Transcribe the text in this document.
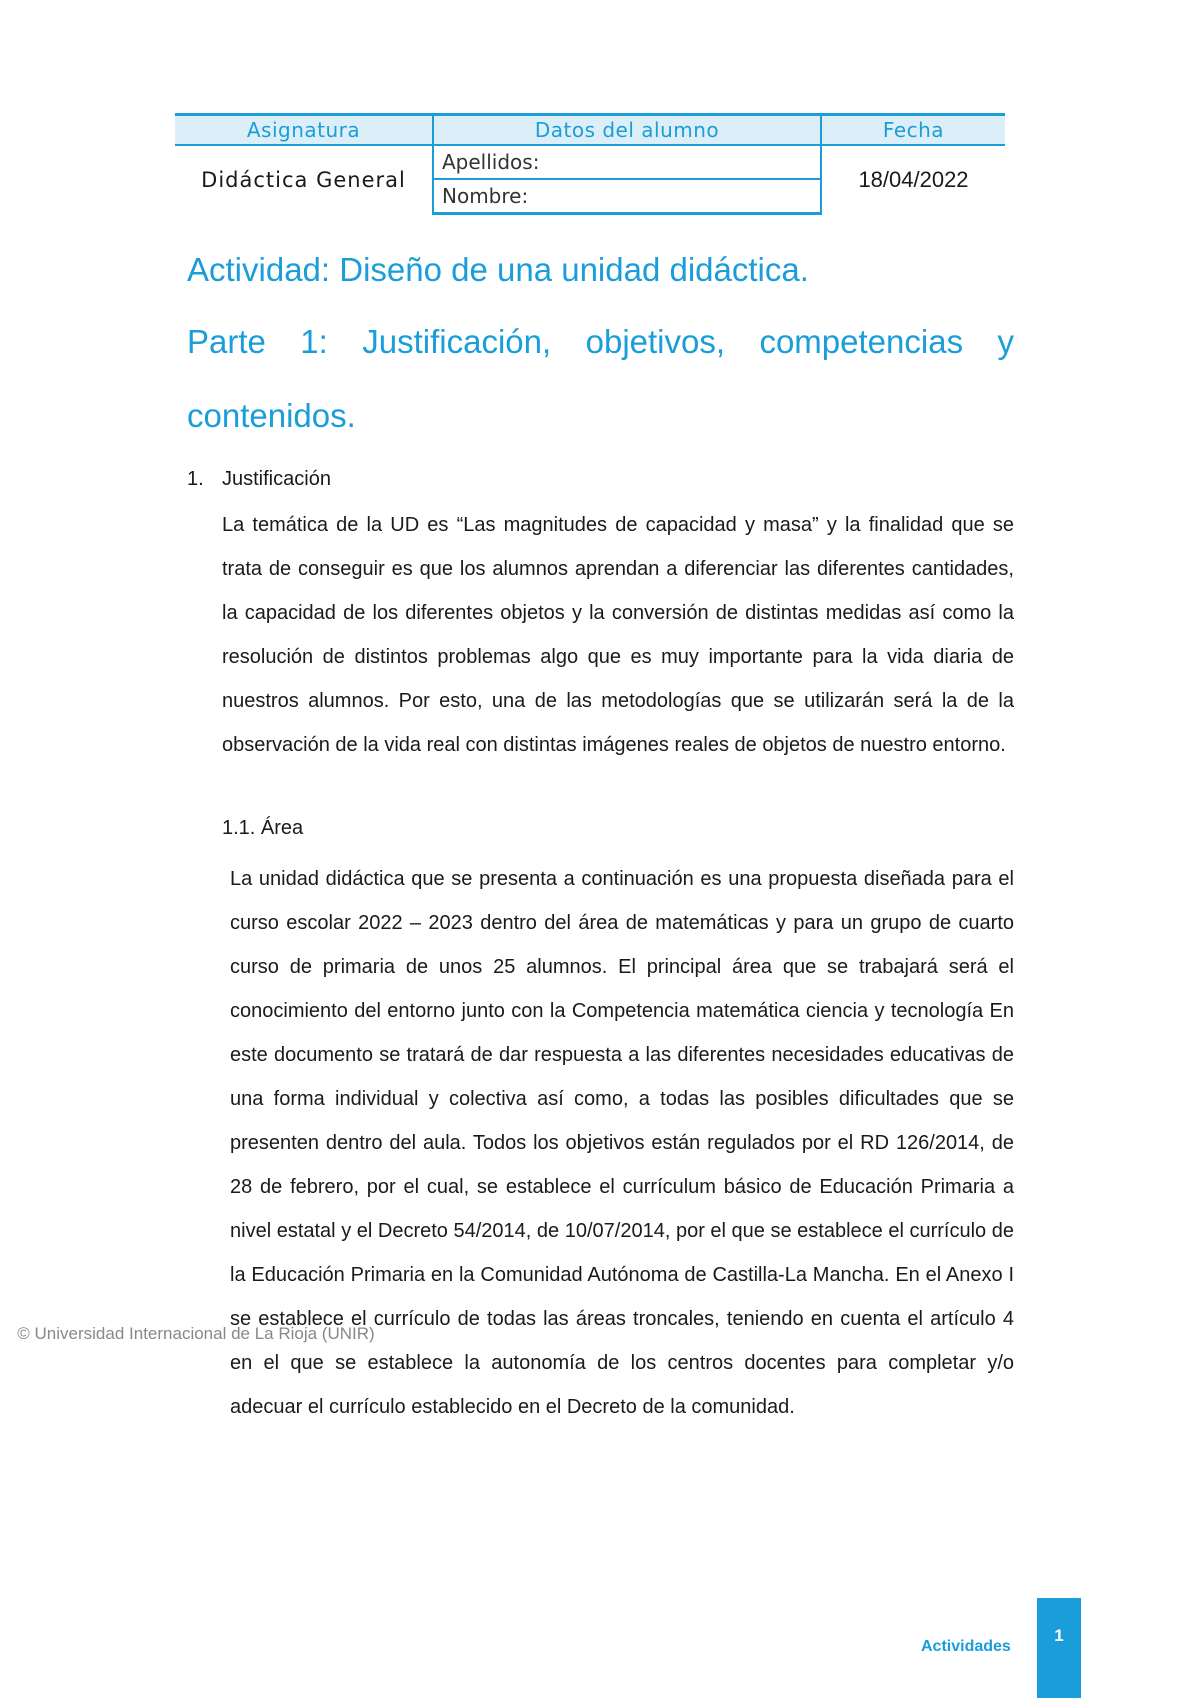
Asignatura	Datos del alumno	Fecha
Didáctica General	Apellidos:	18/04/2022
	Nombre:	
Actividad: Diseño de una unidad didáctica.
Parte 1: Justificación, objetivos, competencias y
contenidos.

1. Justificación

La temática de la UD es “Las magnitudes de capacidad y masa” y la finalidad que se trata de conseguir es que los alumnos aprendan a diferenciar las diferentes cantidades, la capacidad de los diferentes objetos y la conversión de distintas medidas así como la resolución de distintos problemas algo que es muy importante para la vida diaria de nuestros alumnos. Por esto, una de las metodologías que se utilizarán será la de la observación de la vida real con distintas imágenes reales de objetos de nuestro entorno.

1.1. Área

La unidad didáctica que se presenta a continuación es una propuesta diseñada para el curso escolar 2022 – 2023 dentro del área de matemáticas y para un grupo de cuarto curso de primaria de unos 25 alumnos. El principal área que se trabajará será el conocimiento del entorno junto con la Competencia matemática ciencia y tecnología En este documento se tratará de dar respuesta a las diferentes necesidades educativas de una forma individual y colectiva así como, a todas las posibles dificultades que se presenten dentro del aula. Todos los objetivos están regulados por el RD 126/2014, de 28 de febrero, por el cual, se establece el currículum básico de Educación Primaria a nivel estatal y el Decreto 54/2014, de 10/07/2014, por el que se establece el currículo de la Educación Primaria en la Comunidad Autónoma de Castilla-La Mancha. En el Anexo I se establece el currículo de todas las áreas troncales, teniendo en cuenta el artículo 4 en el que se establece la autonomía de los centros docentes para completar y/o adecuar el currículo establecido en el Decreto de la comunidad.

© Universidad Internacional de La Rioja (UNIR)
Actividades
1
